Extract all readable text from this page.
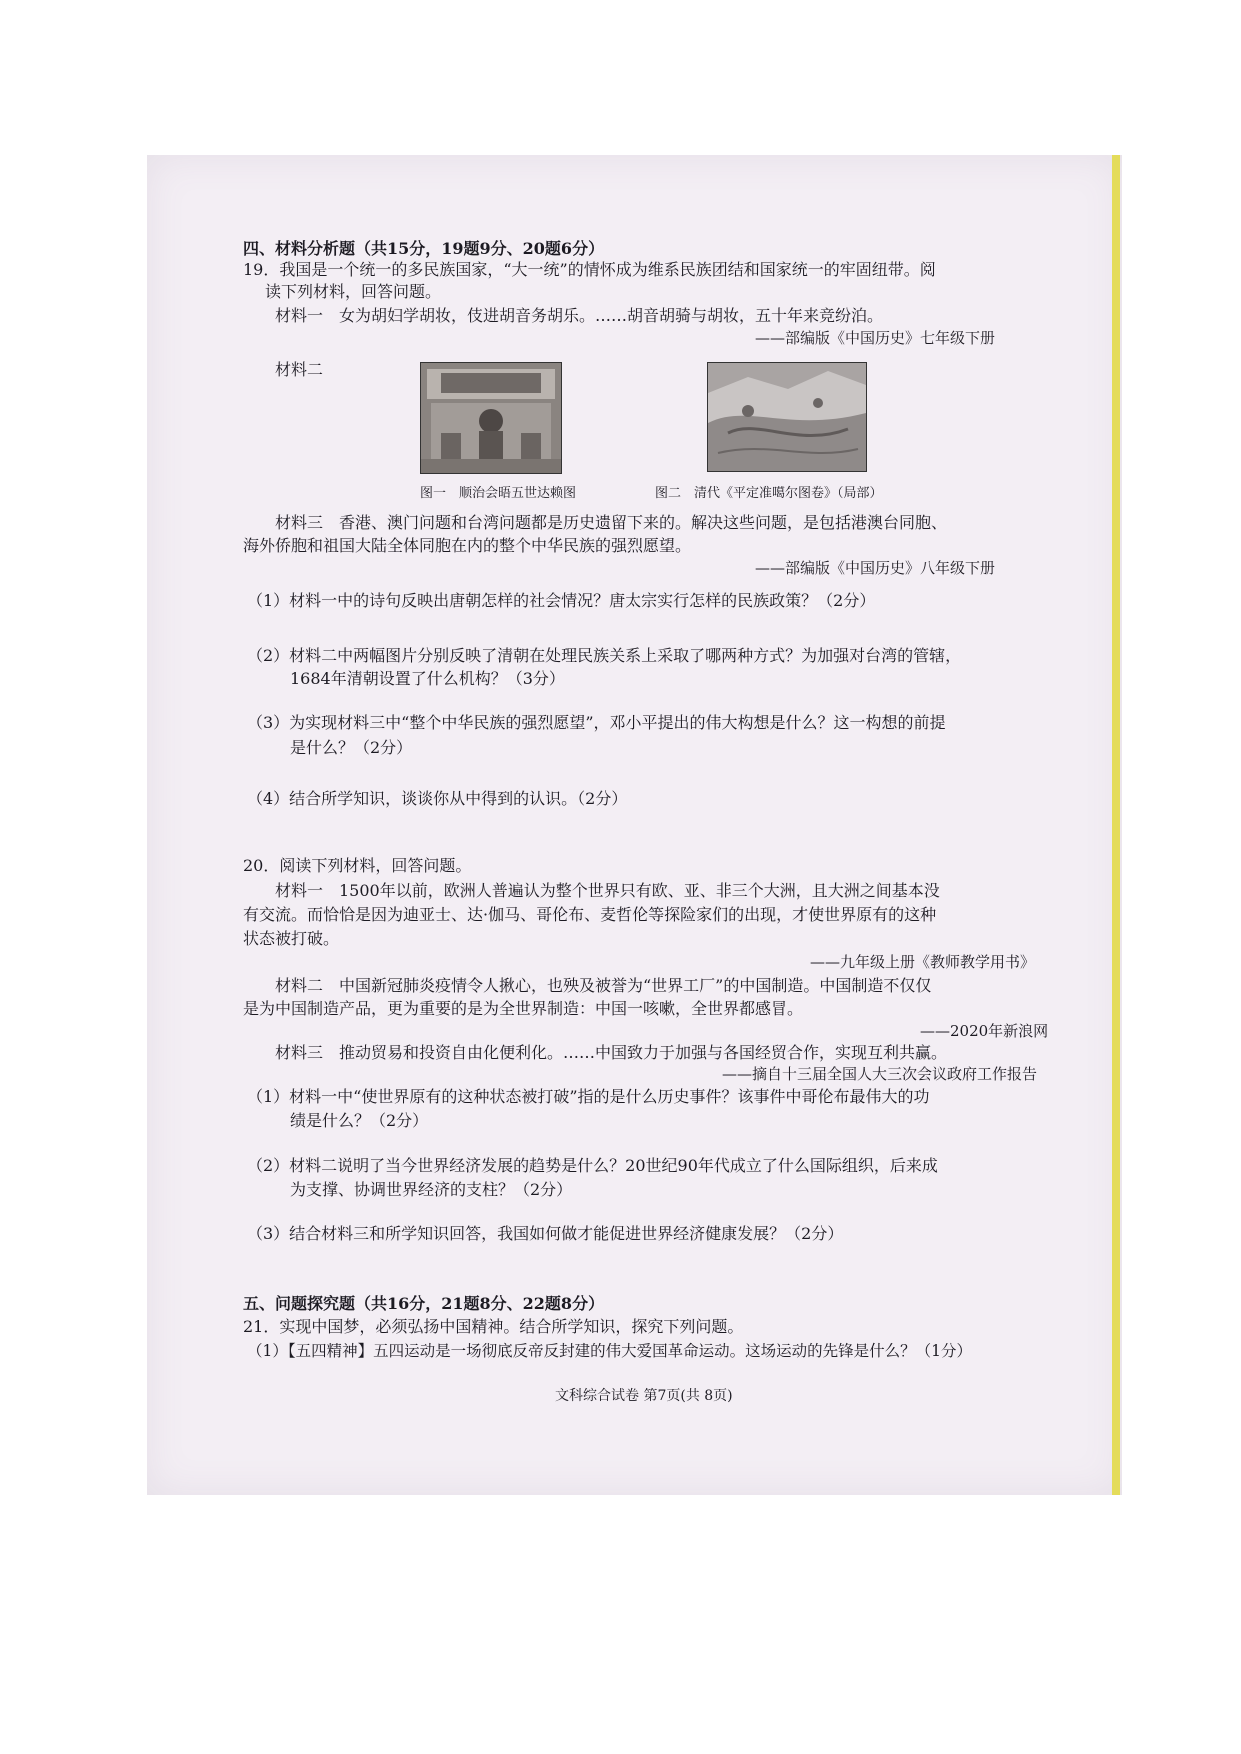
四、材料分析题（共15分，19题9分、20题6分）
19．我国是一个统一的多民族国家，“大一统”的情怀成为维系民族团结和国家统一的牢固纽带。阅
读下列材料，回答问题。
材料一　女为胡妇学胡妆，伎进胡音务胡乐。……胡音胡骑与胡妆，五十年来竞纷泊。
——部编版《中国历史》七年级下册
材料二
图一　顺治会晤五世达赖图	图二　清代《平定准噶尔图卷》（局部）
材料三　香港、澳门问题和台湾问题都是历史遗留下来的。解决这些问题，是包括港澳台同胞、
海外侨胞和祖国大陆全体同胞在内的整个中华民族的强烈愿望。
——部编版《中国历史》八年级下册
（1）材料一中的诗句反映出唐朝怎样的社会情况？唐太宗实行怎样的民族政策？（2分）
（2）材料二中两幅图片分别反映了清朝在处理民族关系上采取了哪两种方式？为加强对台湾的管辖，
1684年清朝设置了什么机构？（3分）
（3）为实现材料三中“整个中华民族的强烈愿望”，邓小平提出的伟大构想是什么？这一构想的前提
是什么？（2分）
（4）结合所学知识，谈谈你从中得到的认识。（2分）
20．阅读下列材料，回答问题。
材料一　1500年以前，欧洲人普遍认为整个世界只有欧、亚、非三个大洲，且大洲之间基本没
有交流。而恰恰是因为迪亚士、达·伽马、哥伦布、麦哲伦等探险家们的出现，才使世界原有的这种
状态被打破。
——九年级上册《教师教学用书》
材料二　中国新冠肺炎疫情令人揪心，也殃及被誉为“世界工厂”的中国制造。中国制造不仅仅
是为中国制造产品，更为重要的是为全世界制造：中国一咳嗽，全世界都感冒。
——2020年新浪网
材料三　推动贸易和投资自由化便利化。……中国致力于加强与各国经贸合作，实现互利共赢。
——摘自十三届全国人大三次会议政府工作报告
（1）材料一中“使世界原有的这种状态被打破”指的是什么历史事件？该事件中哥伦布最伟大的功
绩是什么？（2分）
（2）材料二说明了当今世界经济发展的趋势是什么？20世纪90年代成立了什么国际组织，后来成
为支撑、协调世界经济的支柱？（2分）
（3）结合材料三和所学知识回答，我国如何做才能促进世界经济健康发展？（2分）
五、问题探究题（共16分，21题8分、22题8分）
21．实现中国梦，必须弘扬中国精神。结合所学知识，探究下列问题。
（1）【五四精神】五四运动是一场彻底反帝反封建的伟大爱国革命运动。这场运动的先锋是什么？（1分）
文科综合试卷 第7页(共 8页)
